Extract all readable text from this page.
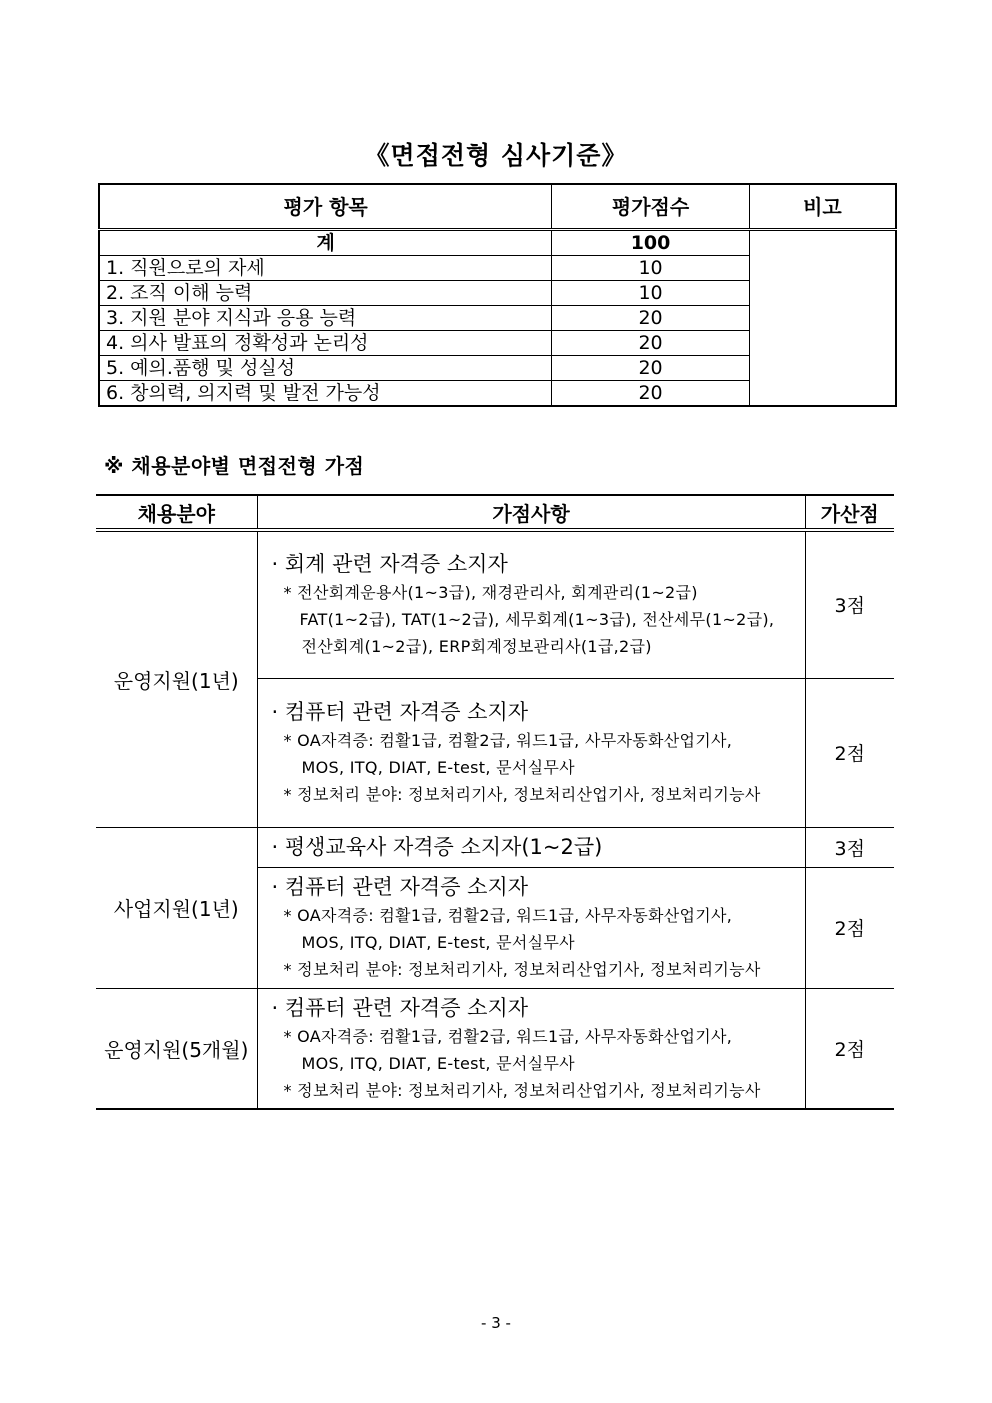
《면접전형 심사기준》
평가 항목	평가점수	비고
계	100	
1. 직원으로의 자세	10	
2. 조직 이해 능력	10	
3. 지원 분야 지식과 응용 능력	20	
4. 의사 발표의 정확성과 논리성	20	
5. 예의.품행 및 성실성	20	
6. 창의력, 의지력 및 발전 가능성	20	
※ 채용분야별 면접전형 가점
채용분야	가점사항	가산점
운영지원(1년)	· 회계 관련 자격증 소지자
* 전산회계운용사(1~3급), 재경관리사, 회계관리(1~2급)
FAT(1~2급), TAT(1~2급), 세무회계(1~3급), 전산세무(1~2급),
전산회계(1~2급), ERP회계정보관리사(1급,2급)	3점

	· 컴퓨터 관련 자격증 소지자
* OA자격증: 컴활1급, 컴활2급, 워드1급, 사무자동화산업기사,
MOS, ITQ, DIAT, E-test, 문서실무사
* 정보처리 분야: 정보처리기사, 정보처리산업기사, 정보처리기능사	2점
사업지원(1년)	· 평생교육사 자격증 소지자(1~2급)	3점

	· 컴퓨터 관련 자격증 소지자
* OA자격증: 컴활1급, 컴활2급, 워드1급, 사무자동화산업기사,
MOS, ITQ, DIAT, E-test, 문서실무사
* 정보처리 분야: 정보처리기사, 정보처리산업기사, 정보처리기능사	2점
운영지원(5개월)	· 컴퓨터 관련 자격증 소지자
* OA자격증: 컴활1급, 컴활2급, 워드1급, 사무자동화산업기사,
MOS, ITQ, DIAT, E-test, 문서실무사
* 정보처리 분야: 정보처리기사, 정보처리산업기사, 정보처리기능사	2점
- 3 -
